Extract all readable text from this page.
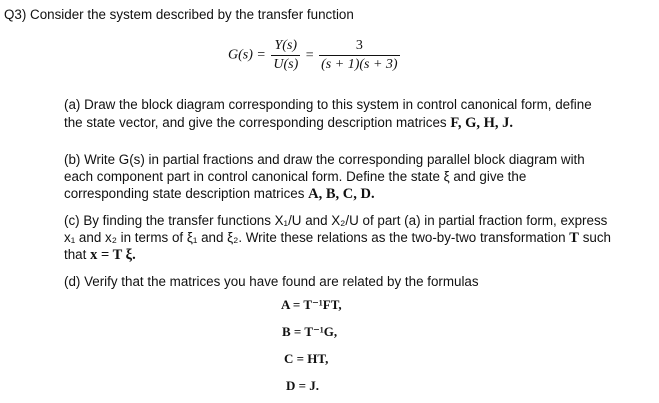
Q3) Consider the system described by the transfer function
$G(s) = \frac{Y(s)}{U(s)} = \frac{3}{(s + 1)(s + 3)}$
(a) Draw the block diagram corresponding to this system in control canonical form, define
the state vector, and give the corresponding description matrices F, G, H, J.
(b) Write G(s) in partial fractions and draw the corresponding parallel block diagram with
each component part in control canonical form. Define the state ξ and give the
corresponding state description matrices A, B, C, D.
(c) By finding the transfer functions X₁/U and X₂/U of part (a) in partial fraction form, express
x₁ and x₂ in terms of ξ₁ and ξ₂. Write these relations as the two-by-two transformation T such
that x = T ξ.
(d) Verify that the matrices you have found are related by the formulas
A = T⁻¹FT,
B = T⁻¹G,
C = HT,
D = J.
